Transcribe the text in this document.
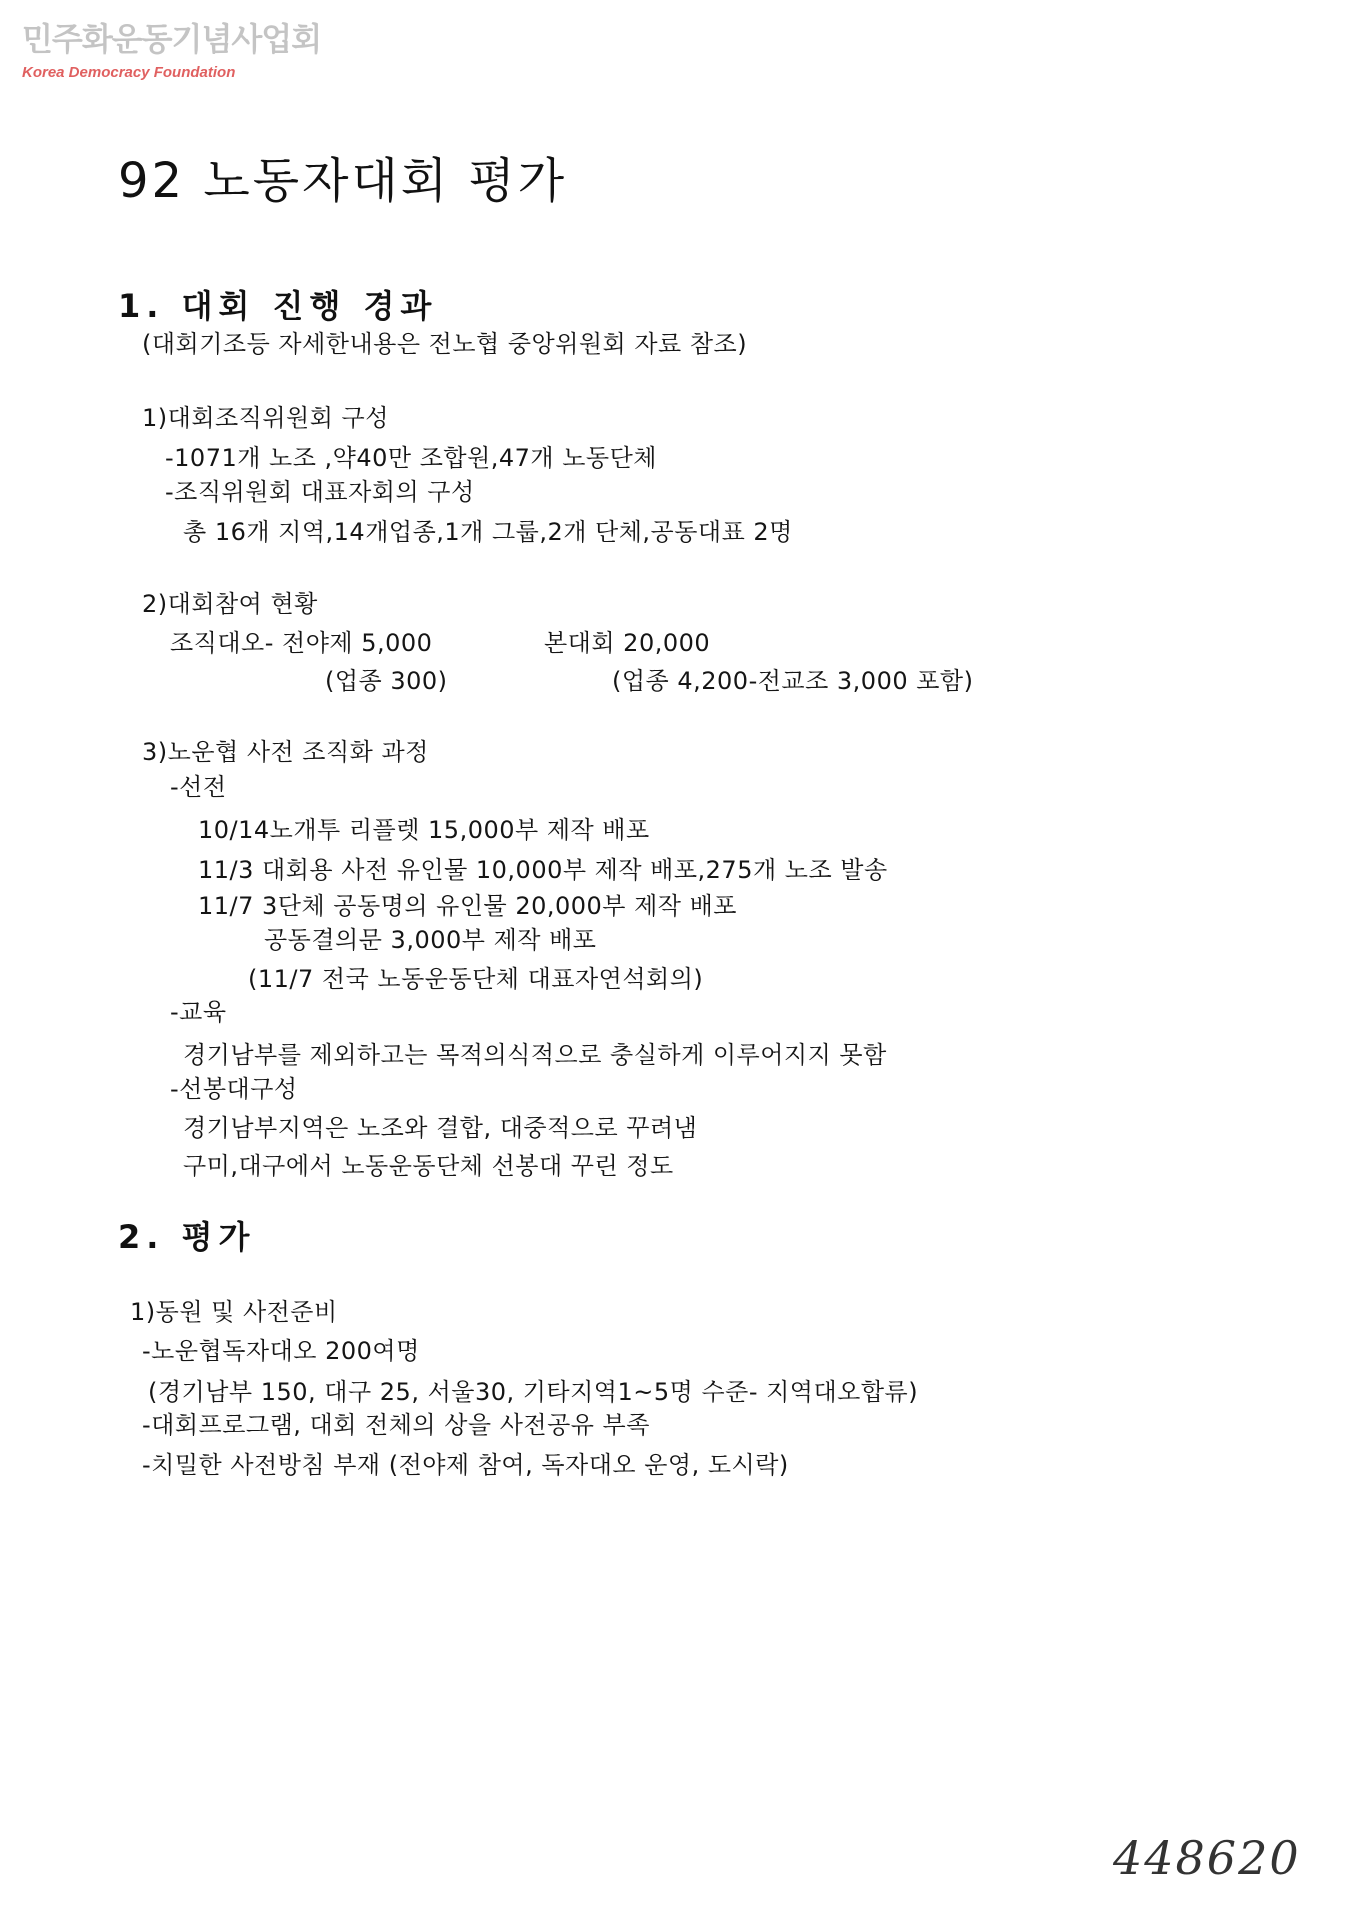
민주화운동기념사업회
Korea Democracy Foundation
92 노동자대회 평가
1. 대회 진행 경과
(대회기조등 자세한내용은 전노협 중앙위원회 자료 참조)
1)대회조직위원회 구성
-1071개 노조 ,약40만 조합원,47개 노동단체
-조직위원회 대표자회의 구성
총 16개 지역,14개업종,1개 그룹,2개 단체,공동대표 2명
2)대회참여 현황
조직대오- 전야제 5,000	본대회 20,000
(업종 300)	(업종 4,200-전교조 3,000 포함)
3)노운협 사전 조직화 과정
-선전
10/14노개투 리플렛 15,000부 제작 배포
11/3 대회용 사전 유인물 10,000부 제작 배포,275개 노조 발송
11/7 3단체 공동명의 유인물 20,000부 제작 배포
공동결의문 3,000부 제작 배포
(11/7 전국 노동운동단체 대표자연석회의)
-교육
경기남부를 제외하고는 목적의식적으로 충실하게 이루어지지 못함
-선봉대구성
경기남부지역은 노조와 결합, 대중적으로 꾸려냄
구미,대구에서 노동운동단체 선봉대 꾸린 정도
2. 평가
1)동원 및 사전준비
-노운협독자대오 200여명
(경기남부 150, 대구 25, 서울30, 기타지역1~5명 수준- 지역대오합류)
-대회프로그램, 대회 전체의 상을 사전공유 부족
-치밀한 사전방침 부재 (전야제 참여, 독자대오 운영, 도시락)
448620
